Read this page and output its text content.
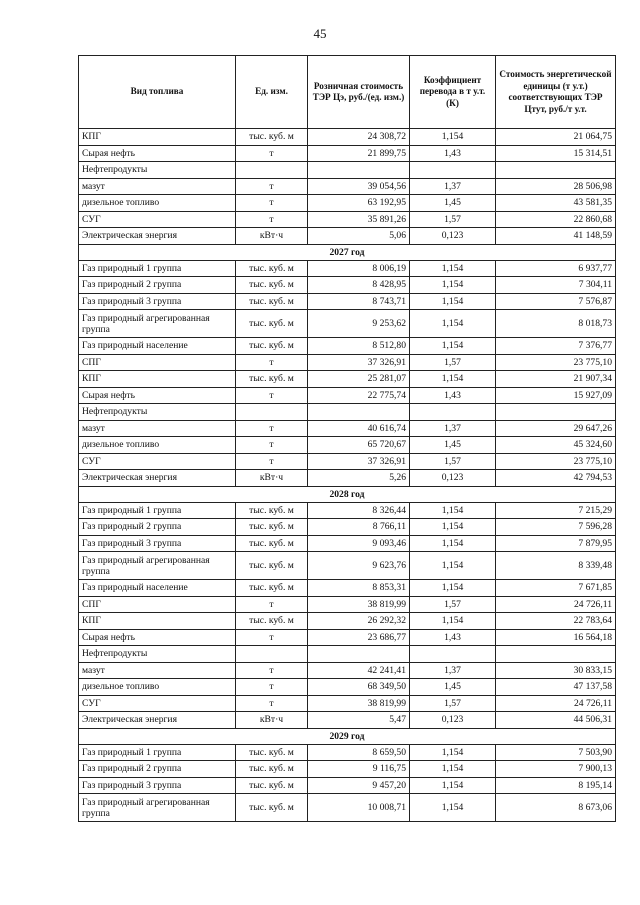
45
Вид топлива	Ед. изм.	Розничная стоимость ТЭР Цэ, руб./(ед. изм.)	Коэффициент перевода в т у.т. (К)	Стоимость энергетической единицы (т у.т.) соответствующих ТЭР Цтут, руб./т у.т.
КПГ	тыс. куб. м	24 308,72	1,154	21 064,75
Сырая нефть	т	21 899,75	1,43	15 314,51
Нефтепродукты				
мазут	т	39 054,56	1,37	28 506,98
дизельное топливо	т	63 192,95	1,45	43 581,35
СУГ	т	35 891,26	1,57	22 860,68
Электрическая энергия	кВт·ч	5,06	0,123	41 148,59
2027 год				
Газ природный 1 группа	тыс. куб. м	8 006,19	1,154	6 937,77
Газ природный 2 группа	тыс. куб. м	8 428,95	1,154	7 304,11
Газ природный 3 группа	тыс. куб. м	8 743,71	1,154	7 576,87
Газ природный агрегированная группа	тыс. куб. м	9 253,62	1,154	8 018,73
Газ природный население	тыс. куб. м	8 512,80	1,154	7 376,77
СПГ	т	37 326,91	1,57	23 775,10
КПГ	тыс. куб. м	25 281,07	1,154	21 907,34
Сырая нефть	т	22 775,74	1,43	15 927,09
Нефтепродукты				
мазут	т	40 616,74	1,37	29 647,26
дизельное топливо	т	65 720,67	1,45	45 324,60
СУГ	т	37 326,91	1,57	23 775,10
Электрическая энергия	кВт·ч	5,26	0,123	42 794,53
2028 год				
Газ природный 1 группа	тыс. куб. м	8 326,44	1,154	7 215,29
Газ природный 2 группа	тыс. куб. м	8 766,11	1,154	7 596,28
Газ природный 3 группа	тыс. куб. м	9 093,46	1,154	7 879,95
Газ природный агрегированная группа	тыс. куб. м	9 623,76	1,154	8 339,48
Газ природный население	тыс. куб. м	8 853,31	1,154	7 671,85
СПГ	т	38 819,99	1,57	24 726,11
КПГ	тыс. куб. м	26 292,32	1,154	22 783,64
Сырая нефть	т	23 686,77	1,43	16 564,18
Нефтепродукты				
мазут	т	42 241,41	1,37	30 833,15
дизельное топливо	т	68 349,50	1,45	47 137,58
СУГ	т	38 819,99	1,57	24 726,11
Электрическая энергия	кВт·ч	5,47	0,123	44 506,31
2029 год				
Газ природный 1 группа	тыс. куб. м	8 659,50	1,154	7 503,90
Газ природный 2 группа	тыс. куб. м	9 116,75	1,154	7 900,13
Газ природный 3 группа	тыс. куб. м	9 457,20	1,154	8 195,14
Газ природный агрегированная группа	тыс. куб. м	10 008,71	1,154	8 673,06
